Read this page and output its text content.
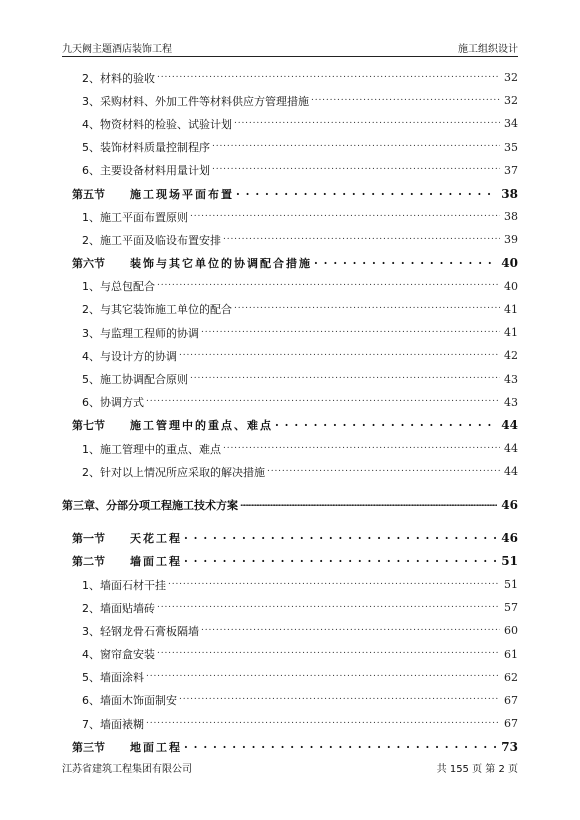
九天阙主题酒店装饰工程	施工组织设计
2、材料的验收 . . .	32
3、采购材料、外加工件等材料供应方管理措施 . . .	32
4、物资材料的检验、试验计划 . . .	34
5、装饰材料质量控制程序 . . .	35
6、主要设备材料用量计划 . . .	37
第五节	施工现场平面布置 . . .	38
1、施工平面布置原则 . . .	38
2、施工平面及临设布置安排 . . .	39
第六节	装饰与其它单位的协调配合措施 . . .	40
1、与总包配合 . . .	40
2、与其它装饰施工单位的配合 . . .	41
3、与监理工程师的协调 . . .	41
4、与设计方的协调 . . .	42
5、施工协调配合原则 . . .	43
6、协调方式 . . .	43
第七节	施工管理中的重点、难点 . . .	44
1、施工管理中的重点、难点 . . .	44
2、针对以上情况所应采取的解决措施 . . .	44
第三章、分部分项工程施工技术方案 .....	46
第一节	天花工程 . . .	46
第二节	墙面工程 . . .	51
1、墙面石材干挂 . . .	51
2、墙面贴墙砖 . . .	57
3、轻钢龙骨石膏板隔墙 . . .	60
4、窗帘盒安装 . . .	61
5、墙面涂料 . . .	62
6、墙面木饰面制安 . . .	67
7、墙面裱糊 . . .	67
第三节	地面工程 . . .	73
江苏省建筑工程集团有限公司	共 155 页 第 2 页
